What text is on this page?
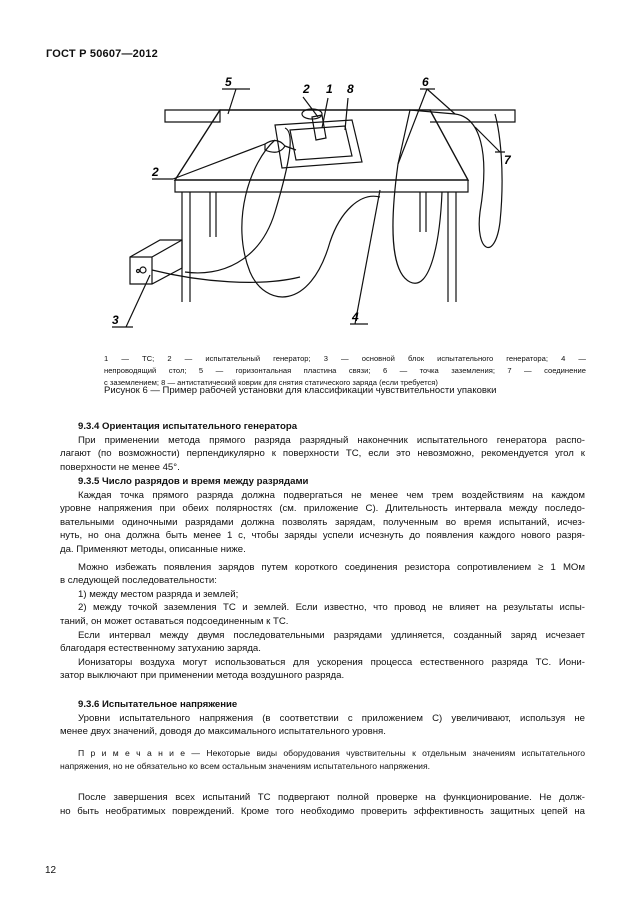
ГОСТ Р 50607—2012
5	2 1 8	6
2
7
3	4
1 — ТС; 2 — испытательный генератор; 3 — основной блок испытательного генератора; 4 —
непроводящий стол; 5 — горизонтальная пластина связи; 6 — точка заземления; 7 — соединение
с заземлением; 8 — антистатический коврик для снятия статического заряда (если требуется)
Рисунок 6 — Пример рабочей установки для классификации чувствительности упаковки
9.3.4 Ориентация испытательного генератора
При применении метода прямого разряда разрядный наконечник испытательного генератора распо-
лагают (по возможности) перпендикулярно к поверхности ТС, если это невозможно, рекомендуется угол к
поверхности не менее 45°.
9.3.5 Число разрядов и время между разрядами
Каждая точка прямого разряда должна подвергаться не менее чем трем воздействиям на каждом
уровне напряжения при обеих полярностях (см. приложение С). Длительность интервала между последо-
вательными одиночными разрядами должна позволять зарядам, полученным во время испытаний, исчез-
нуть, но она должна быть менее 1 с, чтобы заряды успели исчезнуть до появления каждого нового разря-
да. Применяют методы, описанные ниже.
Можно избежать появления зарядов путем короткого соединения резистора сопротивлением ≥ 1 МОм
в следующей последовательности:
1) между местом разряда и землей;
2) между точкой заземления ТС и землей. Если известно, что провод не влияет на результаты испы-
таний, он может оставаться подсоединенным к ТС.
Если интервал между двумя последовательными разрядами удлиняется, созданный заряд исчезает
благодаря естественному затуханию заряда.
Ионизаторы воздуха могут использоваться для ускорения процесса естественного разряда ТС. Иони-
затор выключают при применении метода воздушного разряда.
9.3.6 Испытательное напряжение
Уровни испытательного напряжения (в соответствии с приложением С) увеличивают, используя не
менее двух значений, доводя до максимального испытательного уровня.
П р и м е ч а н и е — Некоторые виды оборудования чувствительны к отдельным значениям испытательного
напряжения, но не обязательно ко всем остальным значениям испытательного напряжения.
После завершения всех испытаний ТС подвергают полной проверке на функционирование. Не долж-
но быть необратимых повреждений. Кроме того необходимо проверить эффективность защитных цепей на
12
